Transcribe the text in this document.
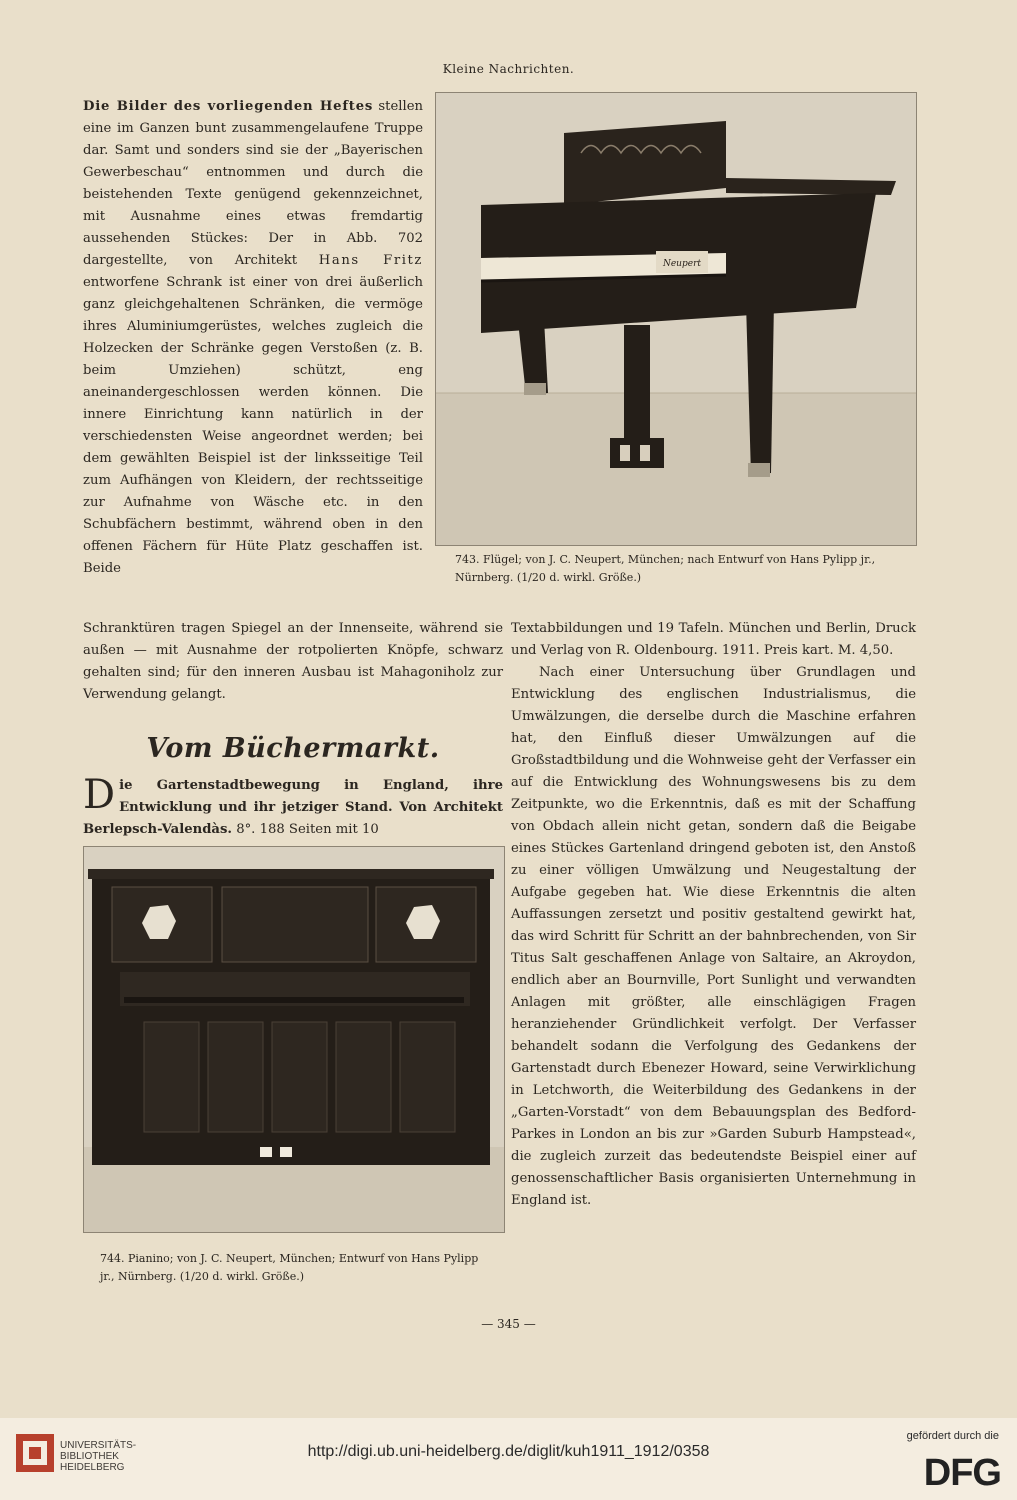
Kleine Nachrichten.

Die Bilder des vorliegenden Heftes stellen eine im Ganzen bunt zusammengelaufene Truppe dar. Samt und sonders sind sie der „Bayerischen Gewerbeschau“ entnommen und durch die beistehenden Texte genügend gekennzeichnet, mit Ausnahme eines etwas fremdartig aussehenden Stückes: Der in Abb. 702 dargestellte, von Architekt Hans Fritz entworfene Schrank ist einer von drei äußerlich ganz gleichgehaltenen Schränken, die vermöge ihres Aluminiumgerüstes, welches zugleich die Holzecken der Schränke gegen Verstoßen (z. B. beim Umziehen) schützt, eng aneinandergeschlossen werden können. Die innere Einrichtung kann natürlich in der verschiedensten Weise angeordnet werden; bei dem gewählten Beispiel ist der linksseitige Teil zum Aufhängen von Kleidern, der rechtsseitige zur Aufnahme von Wäsche etc. in den Schubfächern bestimmt, während oben in den offenen Fächern für Hüte Platz geschaffen ist. Beide

Schranktüren tragen Spiegel an der Innenseite, während sie außen — mit Ausnahme der rotpolierten Knöpfe, schwarz gehalten sind; für den inneren Ausbau ist Mahagoniholz zur Verwendung gelangt.

Vom Büchermarkt.
D ie Gartenstadtbewegung in England, ihre Entwicklung und ihr jetziger Stand. Von Architekt Berlepsch-Valendàs. 8°. 188 Seiten mit 10
Neupert
743. Flügel; von J. C. Neupert, München; nach Entwurf von Hans Pylipp jr., Nürnberg. (1/20 d. wirkl. Größe.)
744. Pianino; von J. C. Neupert, München; Entwurf von Hans Pylipp jr., Nürnberg. (1/20 d. wirkl. Größe.)

Textabbildungen und 19 Tafeln. München und Berlin, Druck und Verlag von R. Oldenbourg. 1911. Preis kart. M. 4,50.

Nach einer Untersuchung über Grundlagen und Entwicklung des englischen Industrialismus, die Umwälzungen, die derselbe durch die Maschine erfahren hat, den Einfluß dieser Umwälzungen auf die Großstadtbildung und die Wohnweise geht der Verfasser ein auf die Entwicklung des Wohnungswesens bis zu dem Zeitpunkte, wo die Erkenntnis, daß es mit der Schaffung von Obdach allein nicht getan, sondern daß die Beigabe eines Stückes Gartenland dringend geboten ist, den Anstoß zu einer völligen Umwälzung und Neugestaltung der Aufgabe gegeben hat. Wie diese Erkenntnis die alten Auffassungen zersetzt und positiv gestaltend gewirkt hat, das wird Schritt für Schritt an der bahnbrechenden, von Sir Titus Salt geschaffenen Anlage von Saltaire, an Akroydon, endlich aber an Bournville, Port Sunlight und verwandten Anlagen mit größter, alle einschlägigen Fragen heranziehender Gründlichkeit verfolgt. Der Verfasser behandelt sodann die Verfolgung des Gedankens der Gartenstadt durch Ebenezer Howard, seine Verwirklichung in Letchworth, die Weiterbildung des Gedankens in der „Garten-Vorstadt“ von dem Bebauungsplan des Bedford-Parkes in London an bis zur »Garden Suburb Hampstead«, die zugleich zurzeit das bedeutendste Beispiel einer auf genossenschaftlicher Basis organisierten Unternehmung in England ist.

— 345 —
UNIVERSITÄTS-
BIBLIOTHEK
HEIDELBERG
http://digi.ub.uni-heidelberg.de/diglit/kuh1911_1912/0358
gefördert durch die
DFG
